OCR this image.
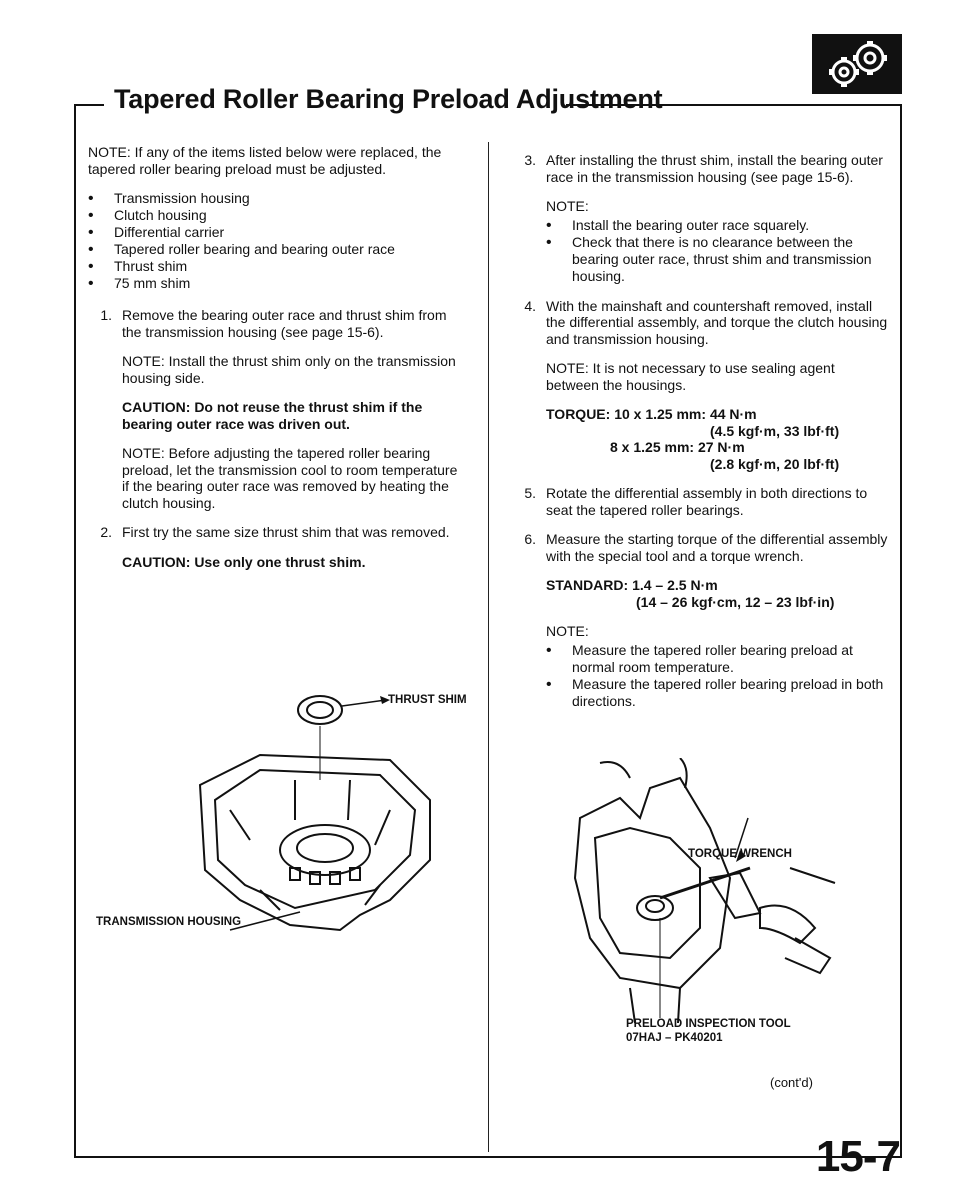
Tapered Roller Bearing Preload Adjustment

NOTE: If any of the items listed below were replaced, the tapered roller bearing preload must be adjusted.

• Transmission housing
• Clutch housing
• Differential carrier
• Tapered roller bearing and bearing outer race
• Thrust shim
• 75 mm shim
1. Remove the bearing outer race and thrust shim from the transmission housing (see page 15-6).

NOTE: Install the thrust shim only on the transmission housing side.

CAUTION: Do not reuse the thrust shim if the bearing outer race was driven out.

NOTE: Before adjusting the tapered roller bearing preload, let the transmission cool to room temperature if the bearing outer race was removed by heating the clutch housing.

2. First try the same size thrust shim that was removed.

CAUTION: Use only one thrust shim.

THRUST SHIM
TRANSMISSION HOUSING
3. After installing the thrust shim, install the bearing outer race in the transmission housing (see page 15-6).

NOTE:

• Install the bearing outer race squarely.
• Check that there is no clearance between the bearing outer race, thrust shim and transmission housing.
4. With the mainshaft and countershaft removed, install the differential assembly, and torque the clutch housing and transmission housing.

NOTE: It is not necessary to use sealing agent between the housings.

TORQUE: 10 x 1.25 mm: 44 N·m
(4.5 kgf·m, 33 lbf·ft)
8 x 1.25 mm: 27 N·m
(2.8 kgf·m, 20 lbf·ft)
5. Rotate the differential assembly in both directions to seat the tapered roller bearings.

6. Measure the starting torque of the differential assembly with the special tool and a torque wrench.

STANDARD: 1.4 – 2.5 N·m
(14 – 26 kgf·cm, 12 – 23 lbf·in)

NOTE:

• Measure the tapered roller bearing preload at normal room temperature.
• Measure the tapered roller bearing preload in both directions.
TORQUE WRENCH
PRELOAD INSPECTION TOOL
07HAJ – PK40201
(cont'd)
15-7
